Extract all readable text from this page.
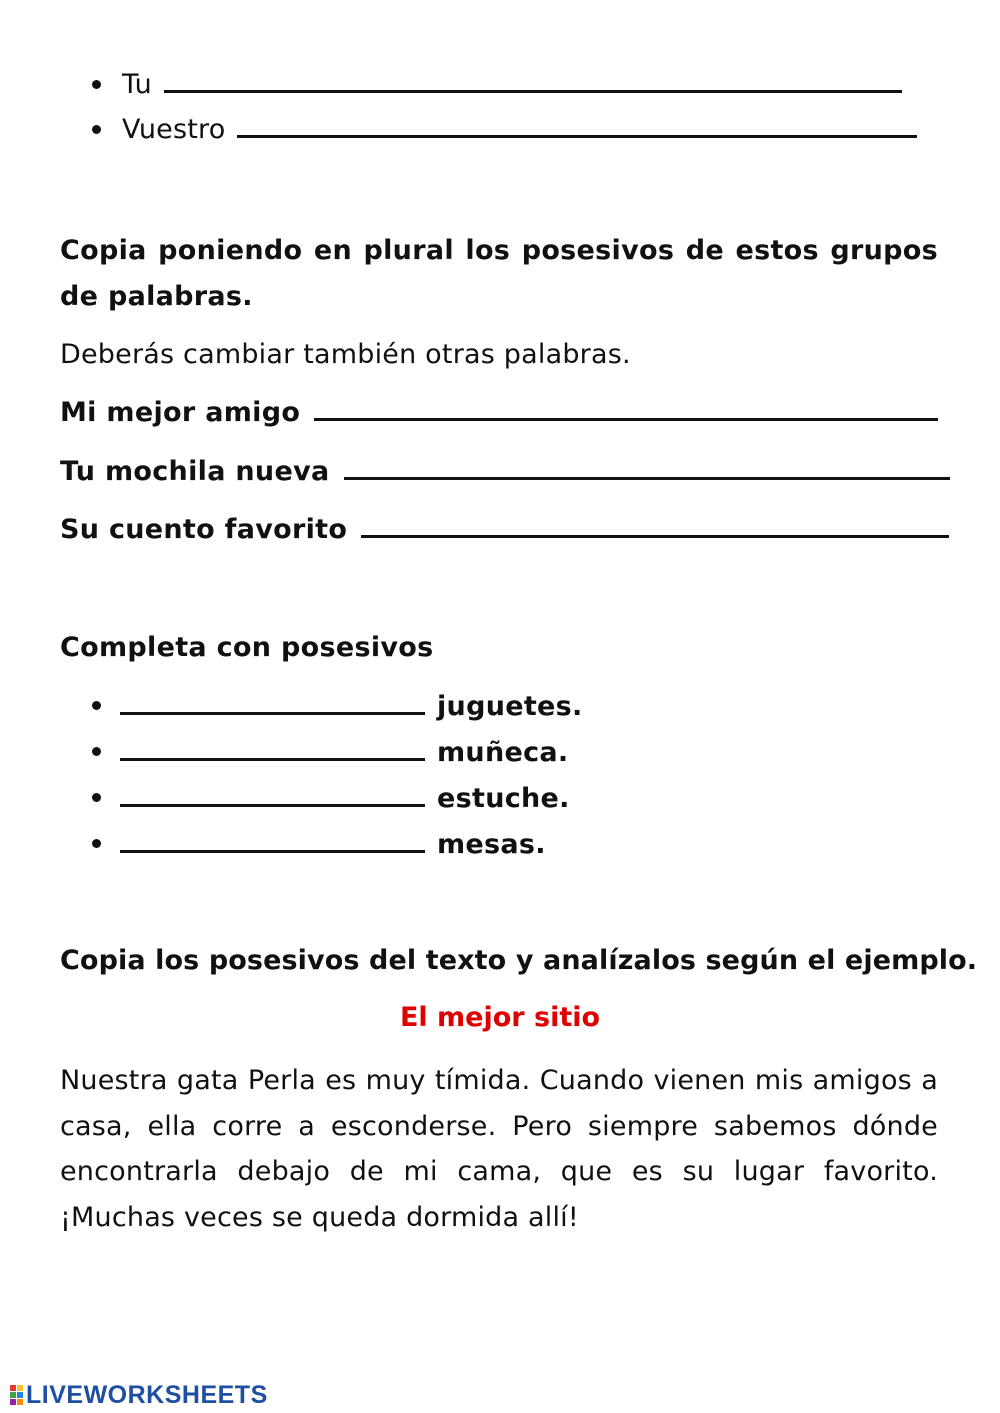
Tu
Vuestro
Copia poniendo en plural los posesivos de estos grupos de palabras.
Deberás cambiar también otras palabras.
Mi mejor amigo
Tu mochila nueva
Su cuento favorito
Completa con posesivos
juguetes.
muñeca.
estuche.
mesas.
Copia los posesivos del texto y analízalos según el ejemplo.
El mejor sitio
Nuestra gata Perla es muy tímida. Cuando vienen mis amigos a casa, ella corre a esconderse. Pero siempre sabemos dónde encontrarla debajo de mi cama, que es su lugar favorito. ¡Muchas veces se queda dormida allí!
LIVEWORKSHEETS
